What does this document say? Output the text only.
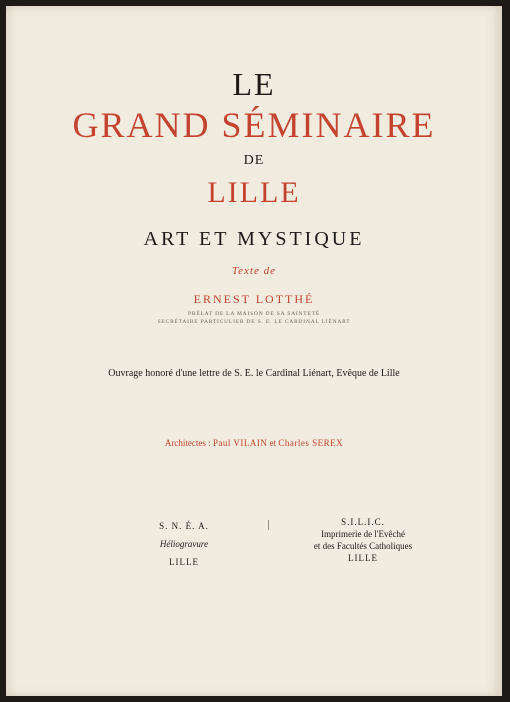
LE
GRAND SÉMINAIRE
DE
LILLE
ART ET MYSTIQUE
Texte de
ERNEST LOTTHÉ
PRÉLAT DE LA MAISON DE SA SAINTETÉ
SECRÉTAIRE PARTICULIER DE S. E. LE CARDINAL LIÉNART
Ouvrage honoré d'une lettre de S. E. le Cardinal Liénart, Evêque de Lille
Architectes : Paul VILAIN et Charles SEREX
S. N. É. A.
Héliogravure
LILLE
S.I.L.I.C.
Imprimerie de l'Evêché
et des Facultés Catholiques
LILLE
